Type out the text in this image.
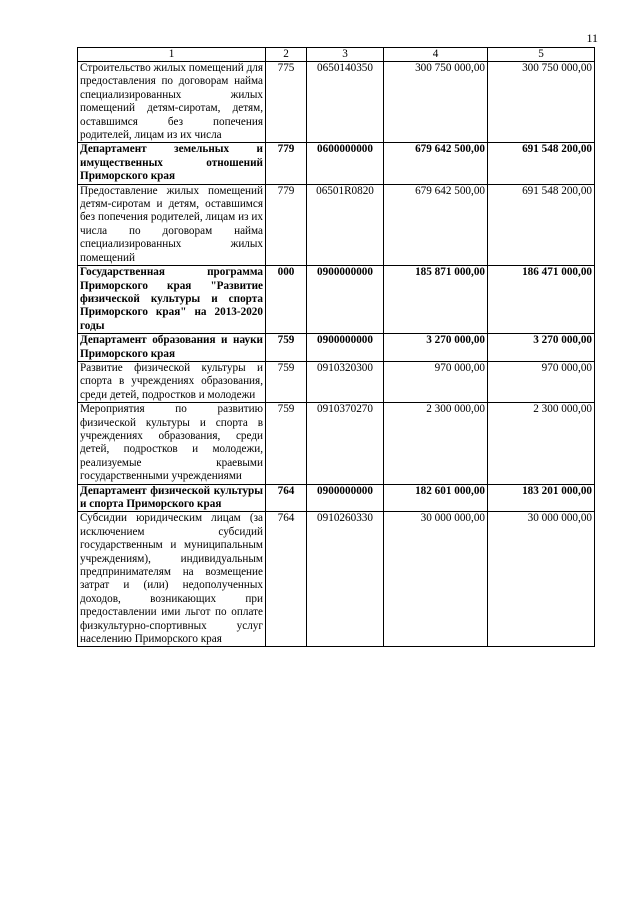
11
1	2	3	4	5
Строительство жилых помещений для предоставления по договорам найма специализированных жилых помещений детям-сиротам, детям, оставшимся без попечения родителей, лицам из их числа	775	0650140350	300 750 000,00	300 750 000,00
Департамент земельных и имущественных отношений Приморского края	779	0600000000	679 642 500,00	691 548 200,00
Предоставление жилых помещений детям-сиротам и детям, оставшимся без попечения родителей, лицам из их числа по договорам найма специализированных жилых помещений	779	06501R0820	679 642 500,00	691 548 200,00
Государственная программа Приморского края "Развитие физической культуры и спорта Приморского края" на 2013-2020 годы	000	0900000000	185 871 000,00	186 471 000,00
Департамент образования и науки Приморского края	759	0900000000	3 270 000,00	3 270 000,00
Развитие физической культуры и спорта в учреждениях образования, среди детей, подростков и молодежи	759	0910320300	970 000,00	970 000,00
Мероприятия по развитию физической культуры и спорта в учреждениях образования, среди детей, подростков и молодежи, реализуемые краевыми государственными учреждениями	759	0910370270	2 300 000,00	2 300 000,00
Департамент физической культуры и спорта Приморского края	764	0900000000	182 601 000,00	183 201 000,00
Субсидии юридическим лицам (за исключением субсидий государственным и муниципальным учреждениям), индивидуальным предпринимателям на возмещение затрат и (или) недополученных доходов, возникающих при предоставлении ими льгот по оплате физкультурно-спортивных услуг населению Приморского края	764	0910260330	30 000 000,00	30 000 000,00
